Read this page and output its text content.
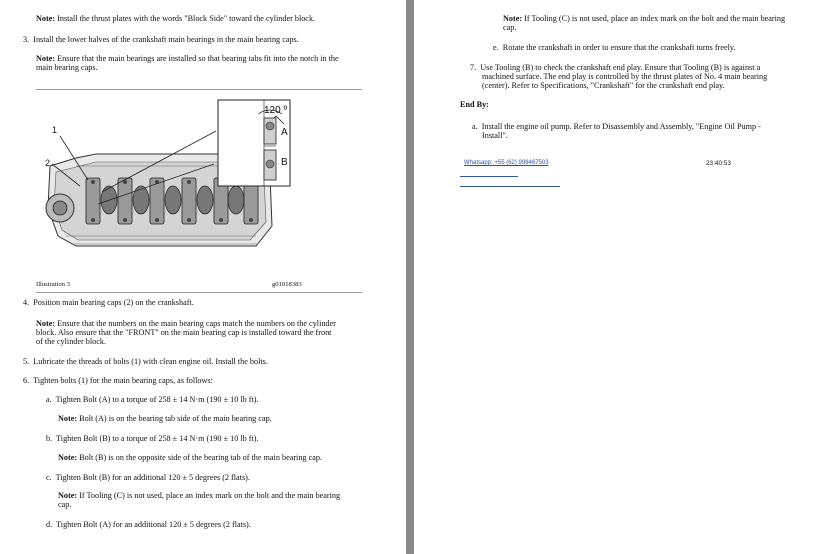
Note: Install the thrust plates with the words "Block Side" toward the cylinder block.
3. Install the lower halves of the crankshaft main bearings in the main bearing caps.
Note: Ensure that the main bearings are installed so that bearing tabs fit into the notch in the
main bearing caps.
1
2
120 º
A
B
Illustration 3	g01018383
4. Position main bearing caps (2) on the crankshaft.
Note: Ensure that the numbers on the main bearing caps match the numbers on the cylinder
block. Also ensure that the "FRONT" on the main bearing cap is installed toward the front
of the cylinder block.
5. Lubricate the threads of bolts (1) with clean engine oil. Install the bolts.
6. Tighten bolts (1) for the main bearing caps, as follows:
a. Tighten Bolt (A) to a torque of 258 ± 14 N·m (190 ± 10 lb ft).
Note: Bolt (A) is on the bearing tab side of the main bearing cap.
b. Tighten Bolt (B) to a torque of 258 ± 14 N·m (190 ± 10 lb ft).
Note: Bolt (B) is on the opposite side of the bearing tab of the main bearing cap.
c. Tighten Bolt (B) for an additional 120 ± 5 degrees (2 flats).
Note: If Tooling (C) is not used, place an index mark on the bolt and the main bearing
cap.
d. Tighten Bolt (A) for an additional 120 ± 5 degrees (2 flats).
Note: If Tooling (C) is not used, place an index mark on the bolt and the main bearing
cap.
e. Rotate the crankshaft in order to ensure that the crankshaft turns freely.
7. Use Tooling (B) to check the crankshaft end play. Ensure that Tooling (B) is against a
machined surface. The end play is controlled by the thrust plates of No. 4 main bearing
(center). Refer to Specifications, "Crankshaft" for the crankshaft end play.
End By:
a. Install the engine oil pump. Refer to Disassembly and Assembly, "Engine Oil Pump -
Install".
Whatsapp: +55 (62) 998467503	23:40:53
